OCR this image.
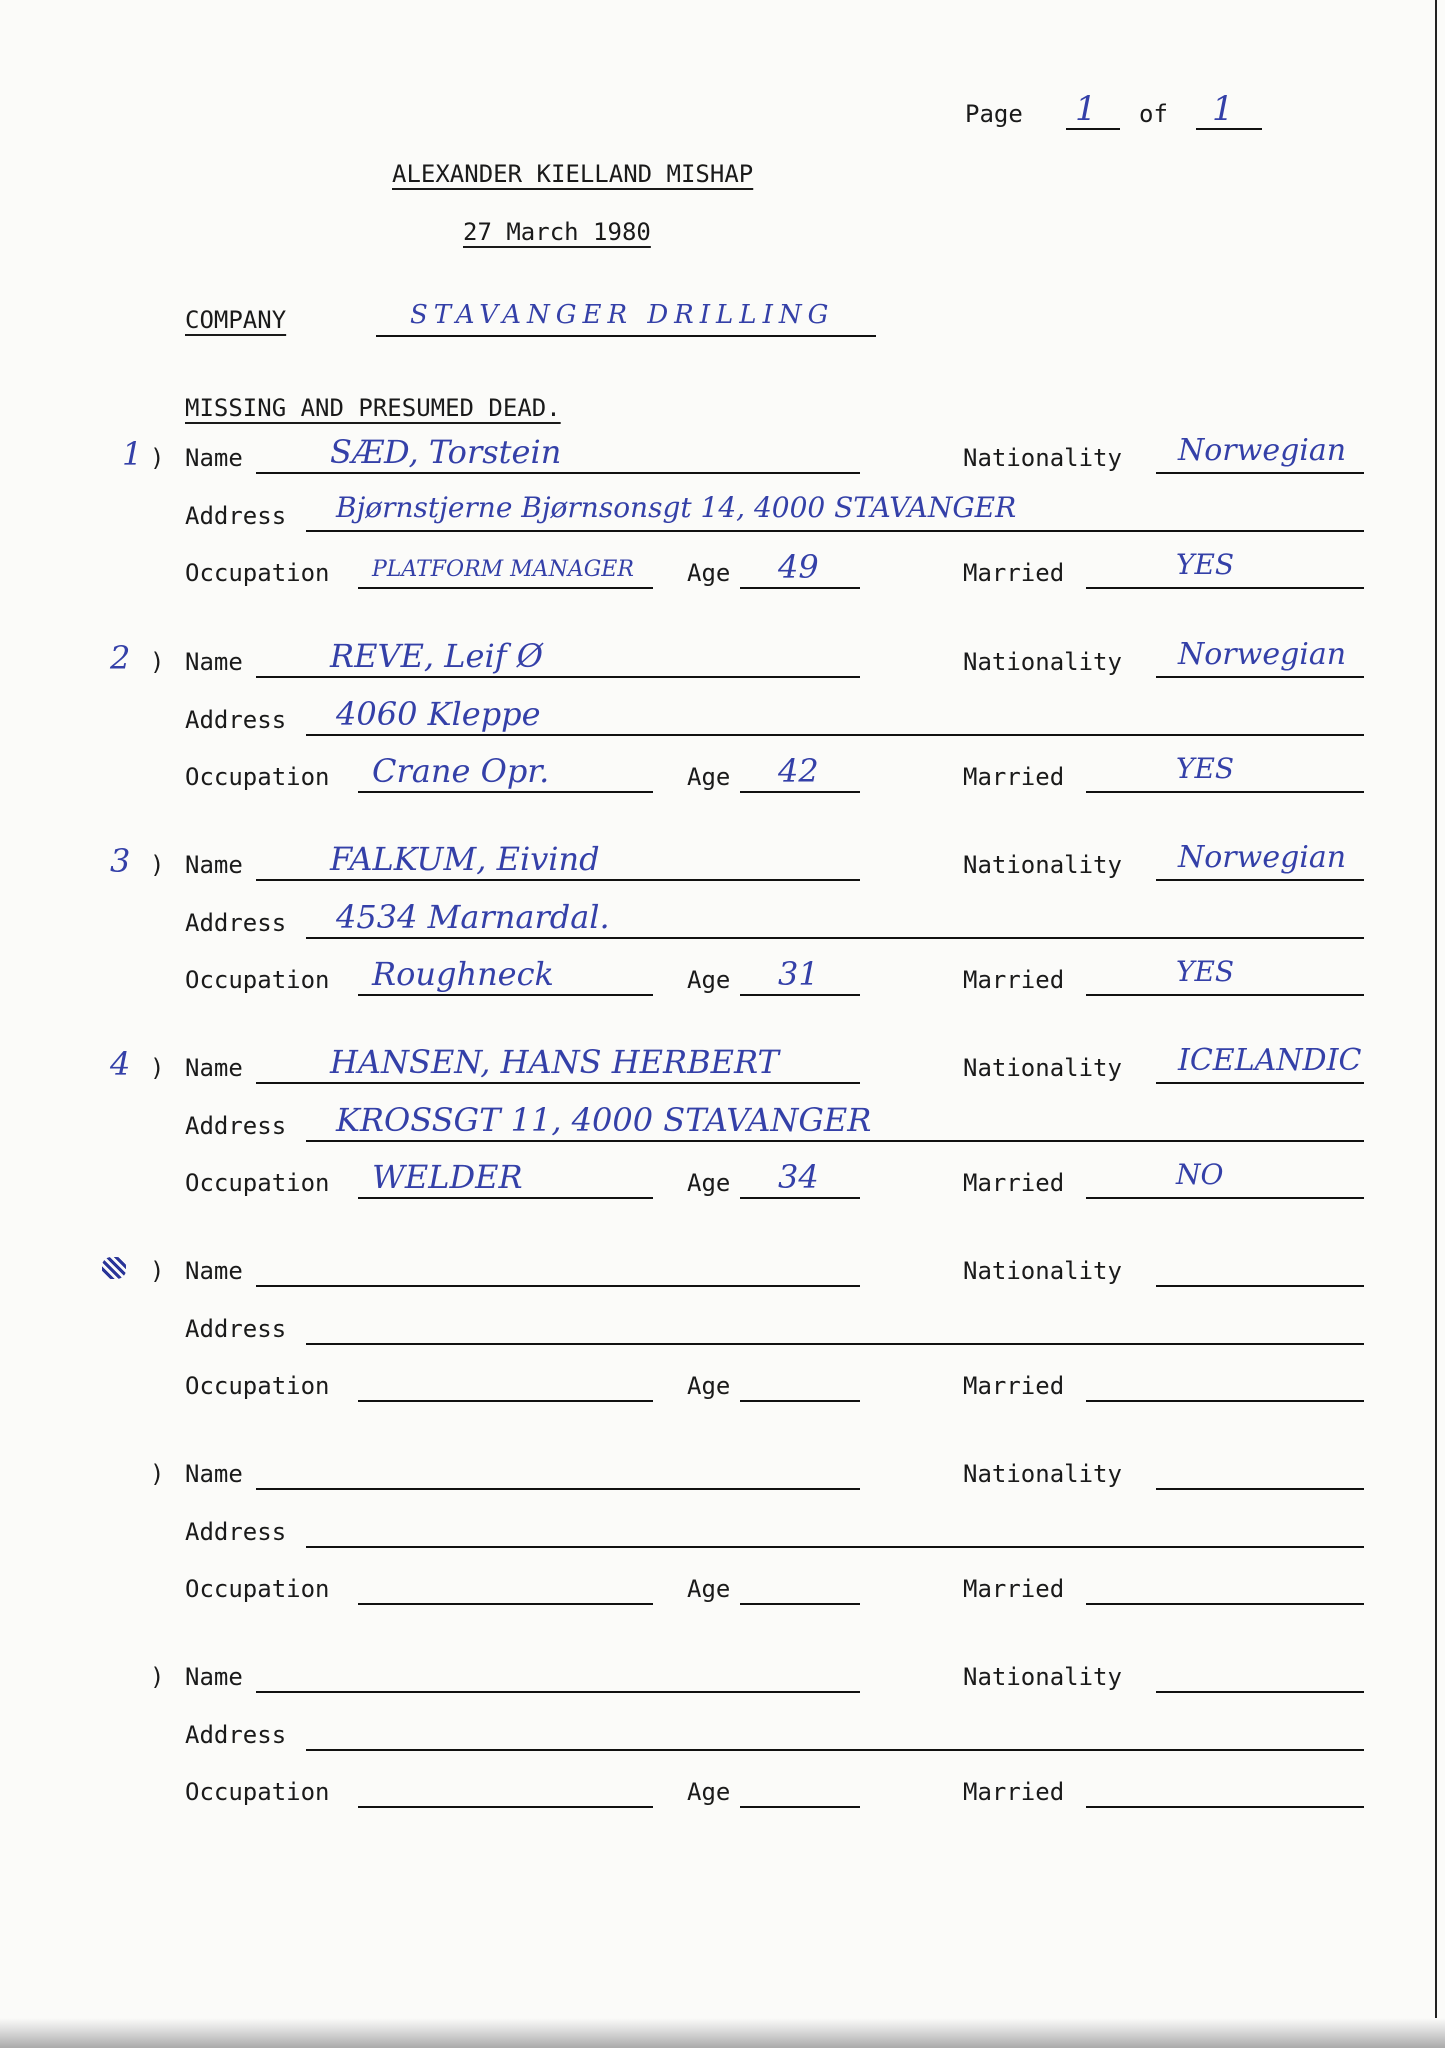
Page 1 of 1
ALEXANDER KIELLAND MISHAP
27 March 1980
COMPANY	STAVANGER DRILLING
MISSING AND PRESUMED DEAD.
1 ) Name	SÆD, Torstein	Nationality Norwegian
Address Bjørnstjerne Bjørnsonsgt 14, 4000 STAVANGER
Occupation PLATFORM MANAGER Age 49	Married	YES
2 ) Name	REVE, Leif Ø	Nationality Norwegian
Address 4060 Kleppe
Occupation Crane Opr.	Age 42	Married	YES
3 ) Name	FALKUM, Eivind	Nationality Norwegian
Address 4534 Marnardal.
Occupation Roughneck	Age 31	Married	YES
4 ) Name	HANSEN, HANS HERBERT	Nationality ICELANDIC
Address KROSSGT 11, 4000 STAVANGER
Occupation WELDER	Age 34	Married	NO
) Name	Nationality
Address
Occupation	Age	Married
) Name	Nationality
Address
Occupation	Age	Married
) Name	Nationality
Address
Occupation	Age	Married
